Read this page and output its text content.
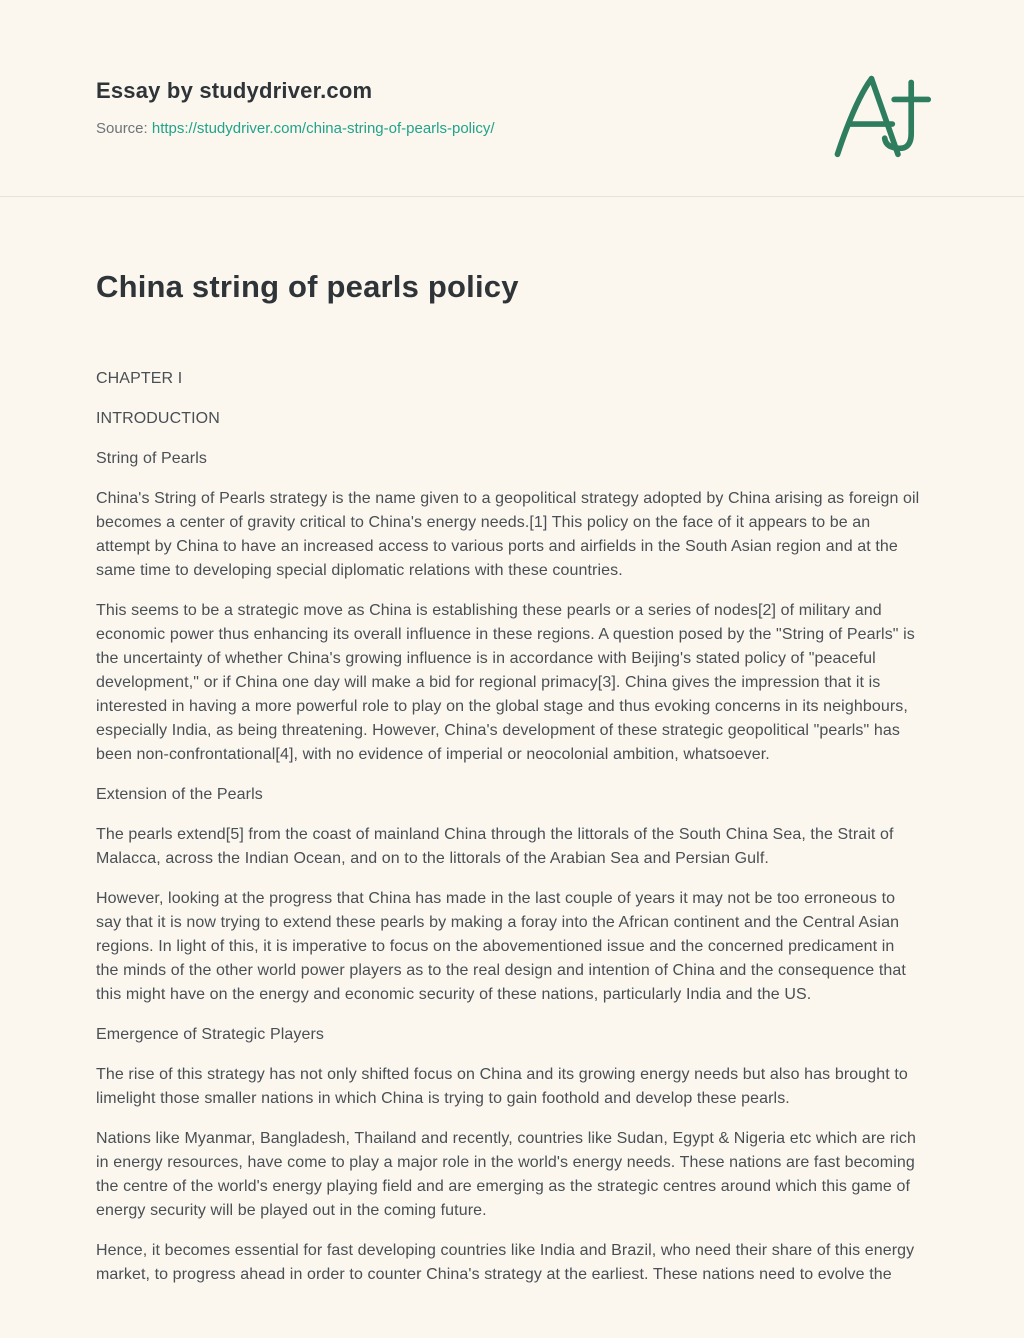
Essay by studydriver.com
Source: https://studydriver.com/china-string-of-pearls-policy/
China string of pearls policy

CHAPTER I

INTRODUCTION

String of Pearls

China's String of Pearls strategy is the name given to a geopolitical strategy adopted by China arising as foreign oil becomes a center of gravity critical to China's energy needs.[1] This policy on the face of it appears to be an attempt by China to have an increased access to various ports and airfields in the South Asian region and at the same time to developing special diplomatic relations with these countries.

This seems to be a strategic move as China is establishing these pearls or a series of nodes[2] of military and economic power thus enhancing its overall influence in these regions. A question posed by the "String of Pearls" is the uncertainty of whether China's growing influence is in accordance with Beijing's stated policy of "peaceful development," or if China one day will make a bid for regional primacy[3]. China gives the impression that it is interested in having a more powerful role to play on the global stage and thus evoking concerns in its neighbours, especially India, as being threatening. However, China's development of these strategic geopolitical "pearls" has been non-confrontational[4], with no evidence of imperial or neocolonial ambition, whatsoever.

Extension of the Pearls

The pearls extend[5] from the coast of mainland China through the littorals of the South China Sea, the Strait of Malacca, across the Indian Ocean, and on to the littorals of the Arabian Sea and Persian Gulf.

However, looking at the progress that China has made in the last couple of years it may not be too erroneous to say that it is now trying to extend these pearls by making a foray into the African continent and the Central Asian regions. In light of this, it is imperative to focus on the abovementioned issue and the concerned predicament in the minds of the other world power players as to the real design and intention of China and the consequence that this might have on the energy and economic security of these nations, particularly India and the US.

Emergence of Strategic Players

The rise of this strategy has not only shifted focus on China and its growing energy needs but also has brought to limelight those smaller nations in which China is trying to gain foothold and develop these pearls.

Nations like Myanmar, Bangladesh, Thailand and recently, countries like Sudan, Egypt & Nigeria etc which are rich in energy resources, have come to play a major role in the world's energy needs. These nations are fast becoming the centre of the world's energy playing field and are emerging as the strategic centres around which this game of energy security will be played out in the coming future.

Hence, it becomes essential for fast developing countries like India and Brazil, who need their share of this energy market, to progress ahead in order to counter China's strategy at the earliest. These nations need to evolve the
